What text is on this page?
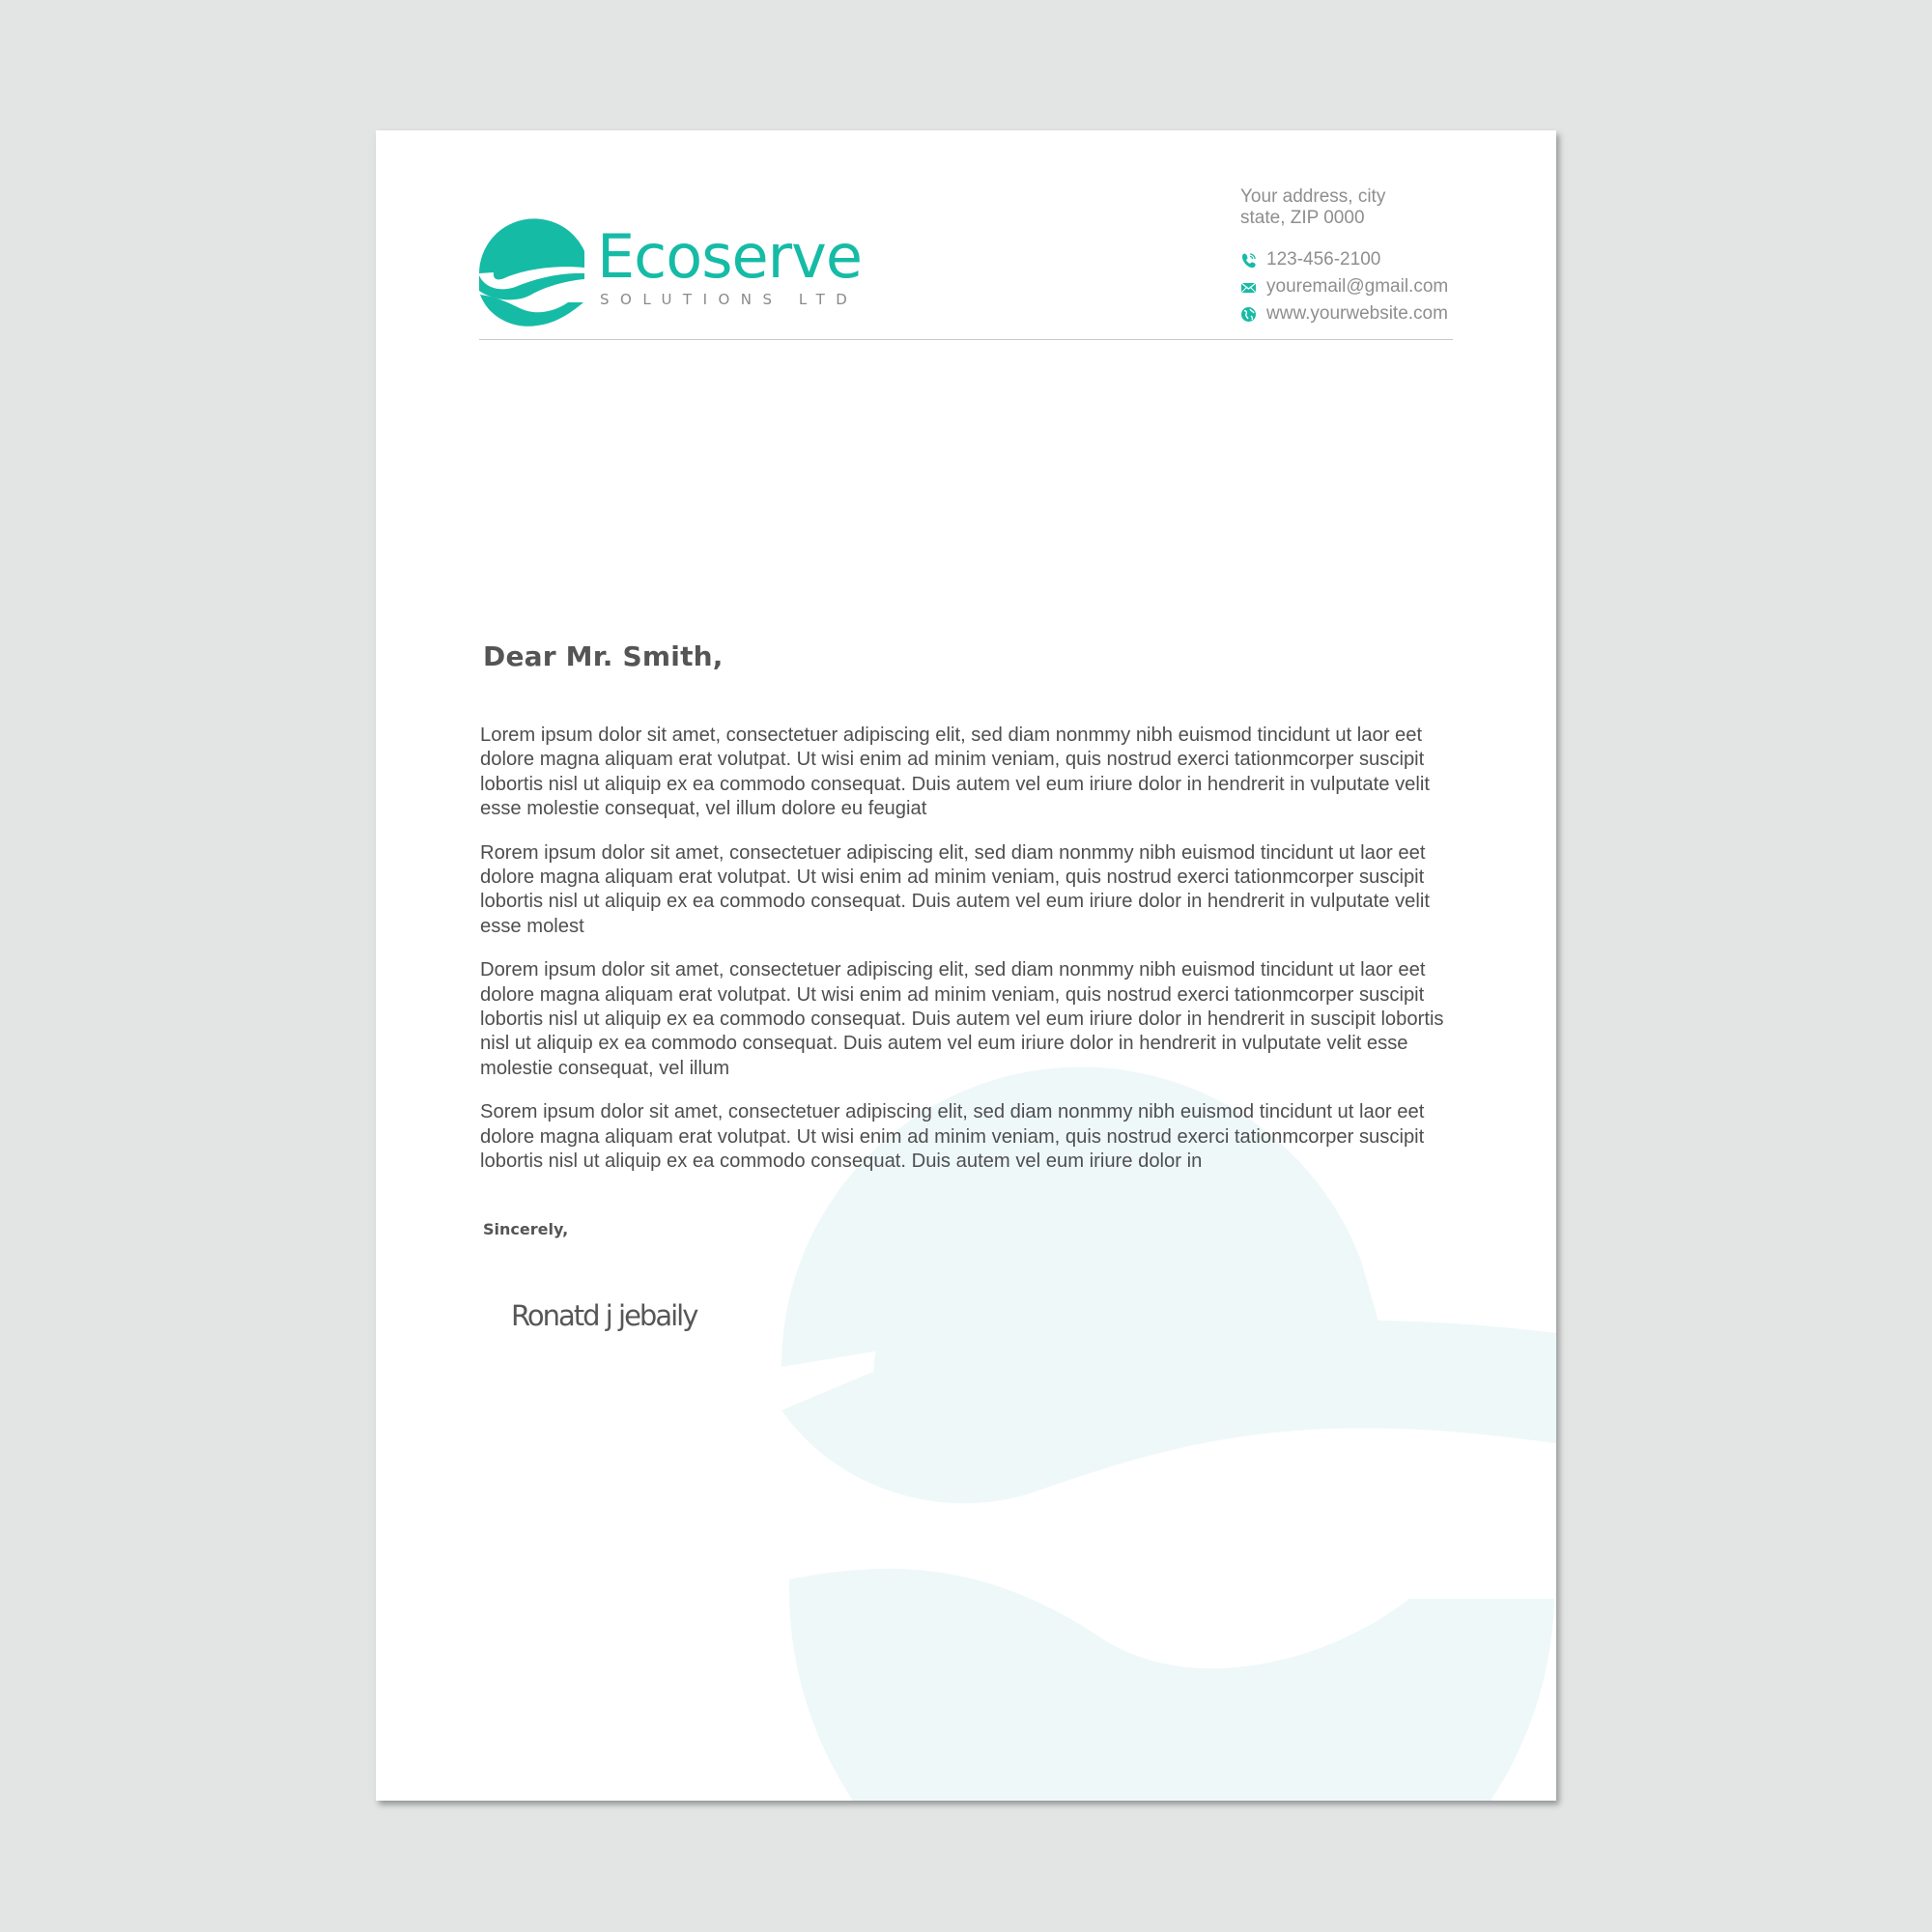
Ecoserve
SOLUTIONS LTD
Your address, city
state, ZIP 0000
123-456-2100
youremail@gmail.com
www.yourwebsite.com
Dear Mr. Smith,

Lorem ipsum dolor sit amet, consectetuer adipiscing elit, sed diam nonmmy nibh euismod tincidunt ut laor eet dolore magna aliquam erat volutpat. Ut wisi enim ad minim veniam, quis nostrud exerci tationmcorper suscipit lobortis nisl ut aliquip ex ea commodo consequat. Duis autem vel eum iriure dolor in hendrerit in vulputate velit esse molestie consequat, vel illum dolore eu feugiat

Rorem ipsum dolor sit amet, consectetuer adipiscing elit, sed diam nonmmy nibh euismod tincidunt ut laor eet dolore magna aliquam erat volutpat. Ut wisi enim ad minim veniam, quis nostrud exerci tationmcorper suscipit lobortis nisl ut aliquip ex ea commodo consequat. Duis autem vel eum iriure dolor in hendrerit in vulputate velit esse molest

Dorem ipsum dolor sit amet, consectetuer adipiscing elit, sed diam nonmmy nibh euismod tincidunt ut laor eet dolore magna aliquam erat volutpat. Ut wisi enim ad minim veniam, quis nostrud exerci tationmcorper suscipit lobortis nisl ut aliquip ex ea commodo consequat. Duis autem vel eum iriure dolor in hendrerit in suscipit lobortis nisl ut aliquip ex ea commodo consequat. Duis autem vel eum iriure dolor in hendrerit in vulputate velit esse molestie consequat, vel illum

Sorem ipsum dolor sit amet, consectetuer adipiscing elit, sed diam nonmmy nibh euismod tincidunt ut laor eet dolore magna aliquam erat volutpat. Ut wisi enim ad minim veniam, quis nostrud exerci tationmcorper suscipit lobortis nisl ut aliquip ex ea commodo consequat. Duis autem vel eum iriure dolor in

Sincerely,
Ronatd j jebaily
